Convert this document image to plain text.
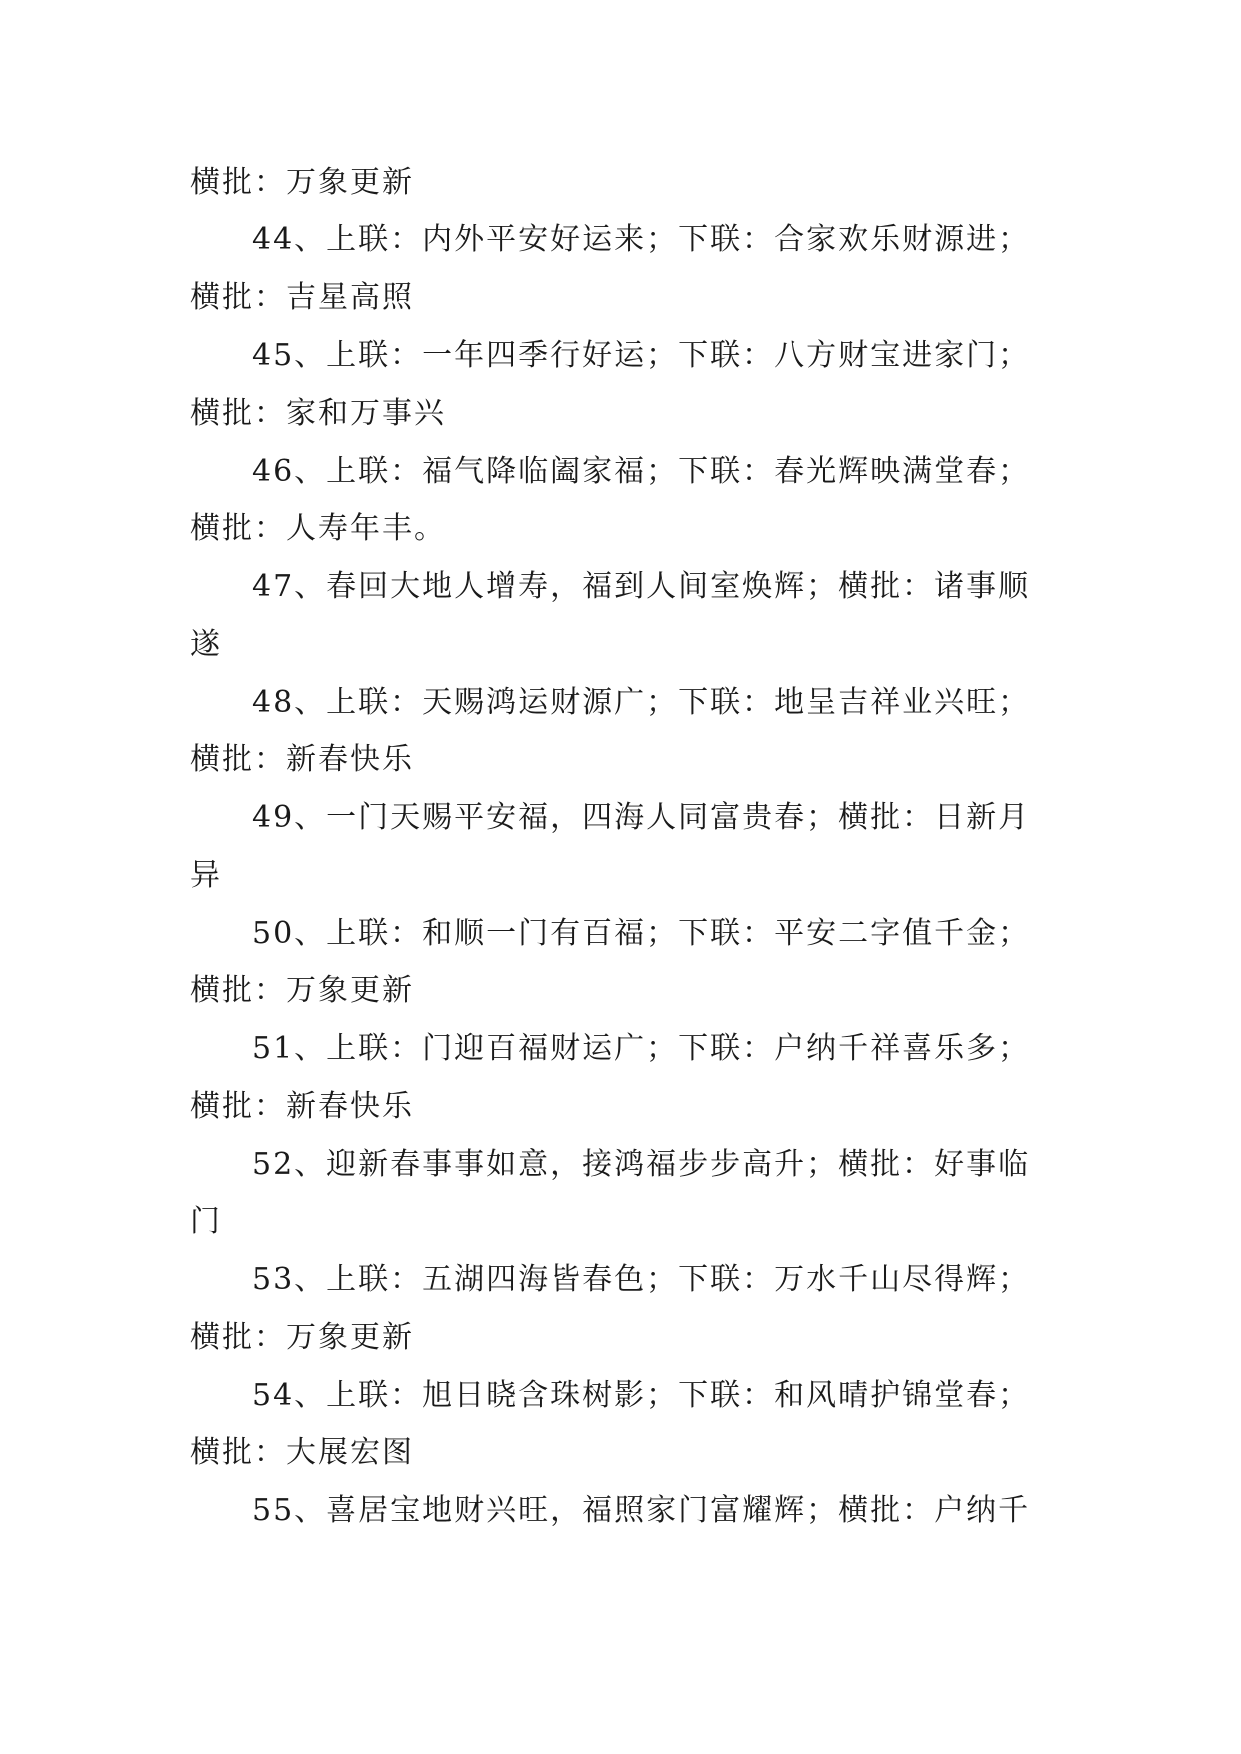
横批：万象更新
44、上联：内外平安好运来；下联：合家欢乐财源进；
横批：吉星高照
45、上联：一年四季行好运；下联：八方财宝进家门；
横批：家和万事兴
46、上联：福气降临阖家福；下联：春光辉映满堂春；
横批：人寿年丰。
47、春回大地人增寿，福到人间室焕辉；横批：诸事顺
遂
48、上联：天赐鸿运财源广；下联：地呈吉祥业兴旺；
横批：新春快乐
49、一门天赐平安福，四海人同富贵春；横批：日新月
异
50、上联：和顺一门有百福；下联：平安二字值千金；
横批：万象更新
51、上联：门迎百福财运广；下联：户纳千祥喜乐多；
横批：新春快乐
52、迎新春事事如意，接鸿福步步高升；横批：好事临
门
53、上联：五湖四海皆春色；下联：万水千山尽得辉；
横批：万象更新
54、上联：旭日晓含珠树影；下联：和风晴护锦堂春；
横批：大展宏图
55、喜居宝地财兴旺，福照家门富耀辉；横批：户纳千
